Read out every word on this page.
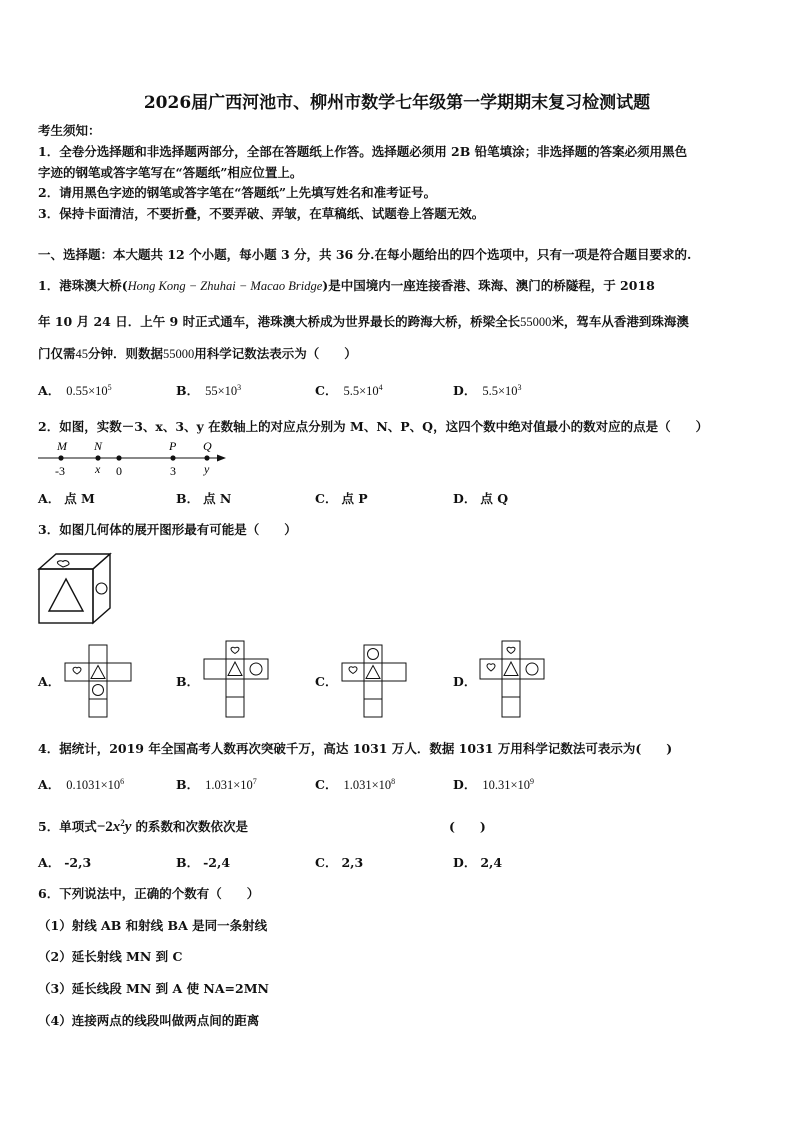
2026届广西河池市、柳州市数学七年级第一学期期末复习检测试题
考生须知：
1．全卷分选择题和非选择题两部分，全部在答题纸上作答。选择题必须用 2B 铅笔填涂；非选择题的答案必须用黑色
字迹的钢笔或答字笔写在“答题纸”相应位置上。
2．请用黑色字迹的钢笔或答字笔在“答题纸”上先填写姓名和准考证号。
3．保持卡面清洁，不要折叠，不要弄破、弄皱，在草稿纸、试题卷上答题无效。
一、选择题：本大题共 12 个小题，每小题 3 分，共 36 分.在每小题给出的四个选项中，只有一项是符合题目要求的.
1．港珠澳大桥(Hong Kong − Zhuhai − Macao Bridge)是中国境内一座连接香港、珠海、澳门的桥隧程，于 2018
年 10 月 24 日．上午 9 时正式通车，港珠澳大桥成为世界最长的跨海大桥，桥梁全长55000米，驾车从香港到珠海澳
门仅需45分钟．则数据55000用科学记数法表示为（　　）
A． $0.55\times 10^5$	B． $55\times 10^3$	C． $5.5\times 10^4$	D． $5.5\times 10^3$
2．如图，实数－3、x、3、y 在数轴上的对应点分别为 M、N、P、Q，这四个数中绝对值最小的数对应的点是（　　）
M N	P Q
-3	x 0	3 y
A． 点 M	B． 点 N	C． 点 P	D． 点 Q
3．如图几何体的展开图形最有可能是（　　）
A．	B．	C．	D．
4．据统计，2019 年全国高考人数再次突破千万，高达 1031 万人．数据 1031 万用科学记数法可表示为(　　)
A． $0.1031\times 10^6$	B． $1.031\times 10^7$	C． $1.031\times 10^8$	D． $10.31\times 10^9$
5．单项式$-2x^2y$ 的系数和次数依次是	(　　)
A． -2,3	B． -2,4	C． 2,3	D． 2,4
6．下列说法中，正确的个数有（　　）
（1）射线 AB 和射线 BA 是同一条射线
（2）延长射线 MN 到 C
（3）延长线段 MN 到 A 使 NA=2MN
（4）连接两点的线段叫做两点间的距离
